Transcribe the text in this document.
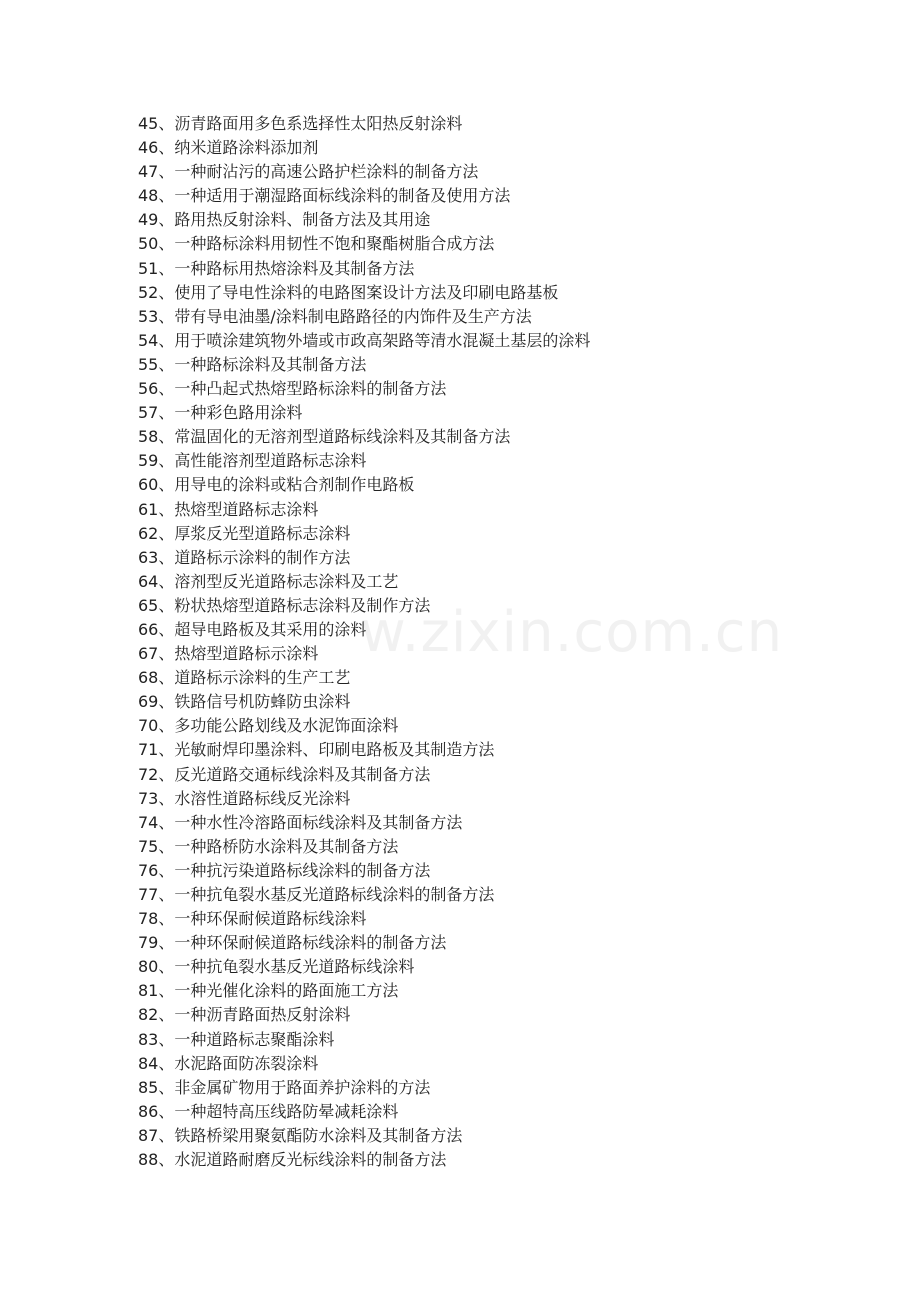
45、沥青路面用多色系选择性太阳热反射涂料
46、纳米道路涂料添加剂
47、一种耐沾污的高速公路护栏涂料的制备方法
48、一种适用于潮湿路面标线涂料的制备及使用方法
49、路用热反射涂料、制备方法及其用途
50、一种路标涂料用韧性不饱和聚酯树脂合成方法
51、一种路标用热熔涂料及其制备方法
52、使用了导电性涂料的电路图案设计方法及印刷电路基板
53、带有导电油墨/涂料制电路路径的内饰件及生产方法
54、用于喷涂建筑物外墙或市政高架路等清水混凝土基层的涂料
55、一种路标涂料及其制备方法
56、一种凸起式热熔型路标涂料的制备方法
57、一种彩色路用涂料
58、常温固化的无溶剂型道路标线涂料及其制备方法
59、高性能溶剂型道路标志涂料
60、用导电的涂料或粘合剂制作电路板
61、热熔型道路标志涂料
62、厚浆反光型道路标志涂料
63、道路标示涂料的制作方法
64、溶剂型反光道路标志涂料及工艺
65、粉状热熔型道路标志涂料及制作方法
66、超导电路板及其采用的涂料
67、热熔型道路标示涂料
68、道路标示涂料的生产工艺
69、铁路信号机防蜂防虫涂料
70、多功能公路划线及水泥饰面涂料
71、光敏耐焊印墨涂料、印刷电路板及其制造方法
72、反光道路交通标线涂料及其制备方法
73、水溶性道路标线反光涂料
74、一种水性冷溶路面标线涂料及其制备方法
75、一种路桥防水涂料及其制备方法
76、一种抗污染道路标线涂料的制备方法
77、一种抗龟裂水基反光道路标线涂料的制备方法
78、一种环保耐候道路标线涂料
79、一种环保耐候道路标线涂料的制备方法
80、一种抗龟裂水基反光道路标线涂料
81、一种光催化涂料的路面施工方法
82、一种沥青路面热反射涂料
83、一种道路标志聚酯涂料
84、水泥路面防冻裂涂料
85、非金属矿物用于路面养护涂料的方法
86、一种超特高压线路防晕减耗涂料
87、铁路桥梁用聚氨酯防水涂料及其制备方法
88、水泥道路耐磨反光标线涂料的制备方法
w.zixin.com.cn
